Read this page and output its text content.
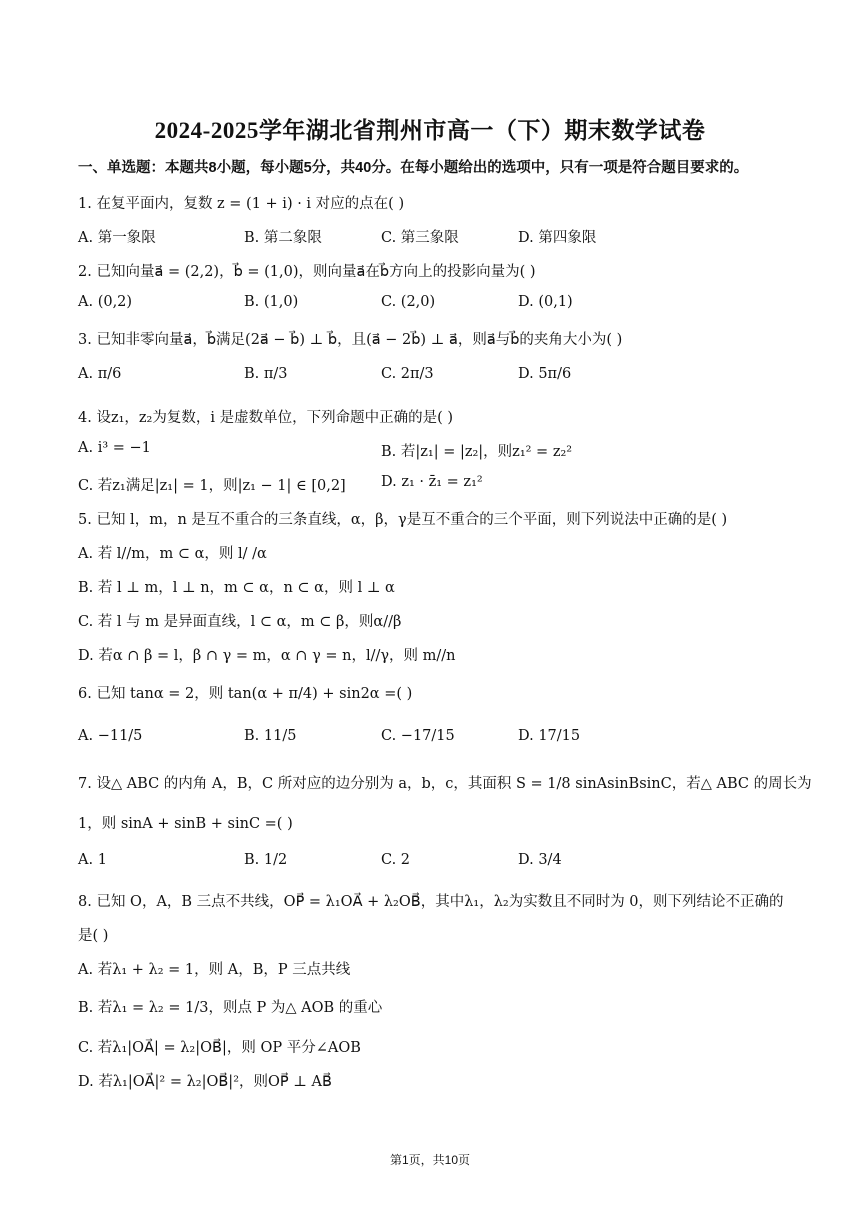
2024-2025学年湖北省荆州市高一（下）期末数学试卷
一、单选题：本题共8小题，每小题5分，共40分。在每小题给出的选项中，只有一项是符合题目要求的。
1. 在复平面内，复数 z = (1 + i) · i 对应的点在( )
A. 第一象限	B. 第二象限	C. 第三象限	D. 第四象限
2. 已知向量a⃗ = (2,2)，b⃗ = (1,0)，则向量a⃗在b⃗方向上的投影向量为( )
A. (0,2)	B. (1,0)	C. (2,0)	D. (0,1)
3. 已知非零向量a⃗，b⃗满足(2a⃗ − b⃗) ⊥ b⃗，且(a⃗ − 2b⃗) ⊥ a⃗，则a⃗与b⃗的夹角大小为( )
A. π/6	B. π/3	C. 2π/3	D. 5π/6
4. 设z₁，z₂为复数，i 是虚数单位，下列命题中正确的是( )
A. i³ = −1	B. 若|z₁| = |z₂|，则z₁² = z₂²
C. 若z₁满足|z₁| = 1，则|z₁ − 1| ∈ [0,2] D. z₁ · z̄₁ = z₁²
5. 已知 l，m，n 是互不重合的三条直线，α，β，γ是互不重合的三个平面，则下列说法中正确的是( )
A. 若 l//m，m ⊂ α，则 l/ /α
B. 若 l ⊥ m，l ⊥ n，m ⊂ α，n ⊂ α，则 l ⊥ α
C. 若 l 与 m 是异面直线，l ⊂ α，m ⊂ β，则α//β
D. 若α ∩ β = l，β ∩ γ = m，α ∩ γ = n，l//γ，则 m//n
6. 已知 tanα = 2，则 tan(α + π/4) + sin2α =( )
A. −11/5	B. 11/5	C. −17/15	D. 17/15
7. 设△ ABC 的内角 A，B，C 所对应的边分别为 a，b，c，其面积 S = 1/8 sinAsinBsinC，若△ ABC 的周长为
1，则 sinA + sinB + sinC =( )
A. 1	B. 1/2	C. 2	D. 3/4
8. 已知 O，A，B 三点不共线，OP⃗ = λ₁OA⃗ + λ₂OB⃗，其中λ₁，λ₂为实数且不同时为 0，则下列结论不正确的
是( )
A. 若λ₁ + λ₂ = 1，则 A，B，P 三点共线
B. 若λ₁ = λ₂ = 1/3，则点 P 为△ AOB 的重心
C. 若λ₁|OA⃗| = λ₂|OB⃗|，则 OP 平分∠AOB
D. 若λ₁|OA⃗|² = λ₂|OB⃗|²，则OP⃗ ⊥ AB⃗
第1页，共10页
